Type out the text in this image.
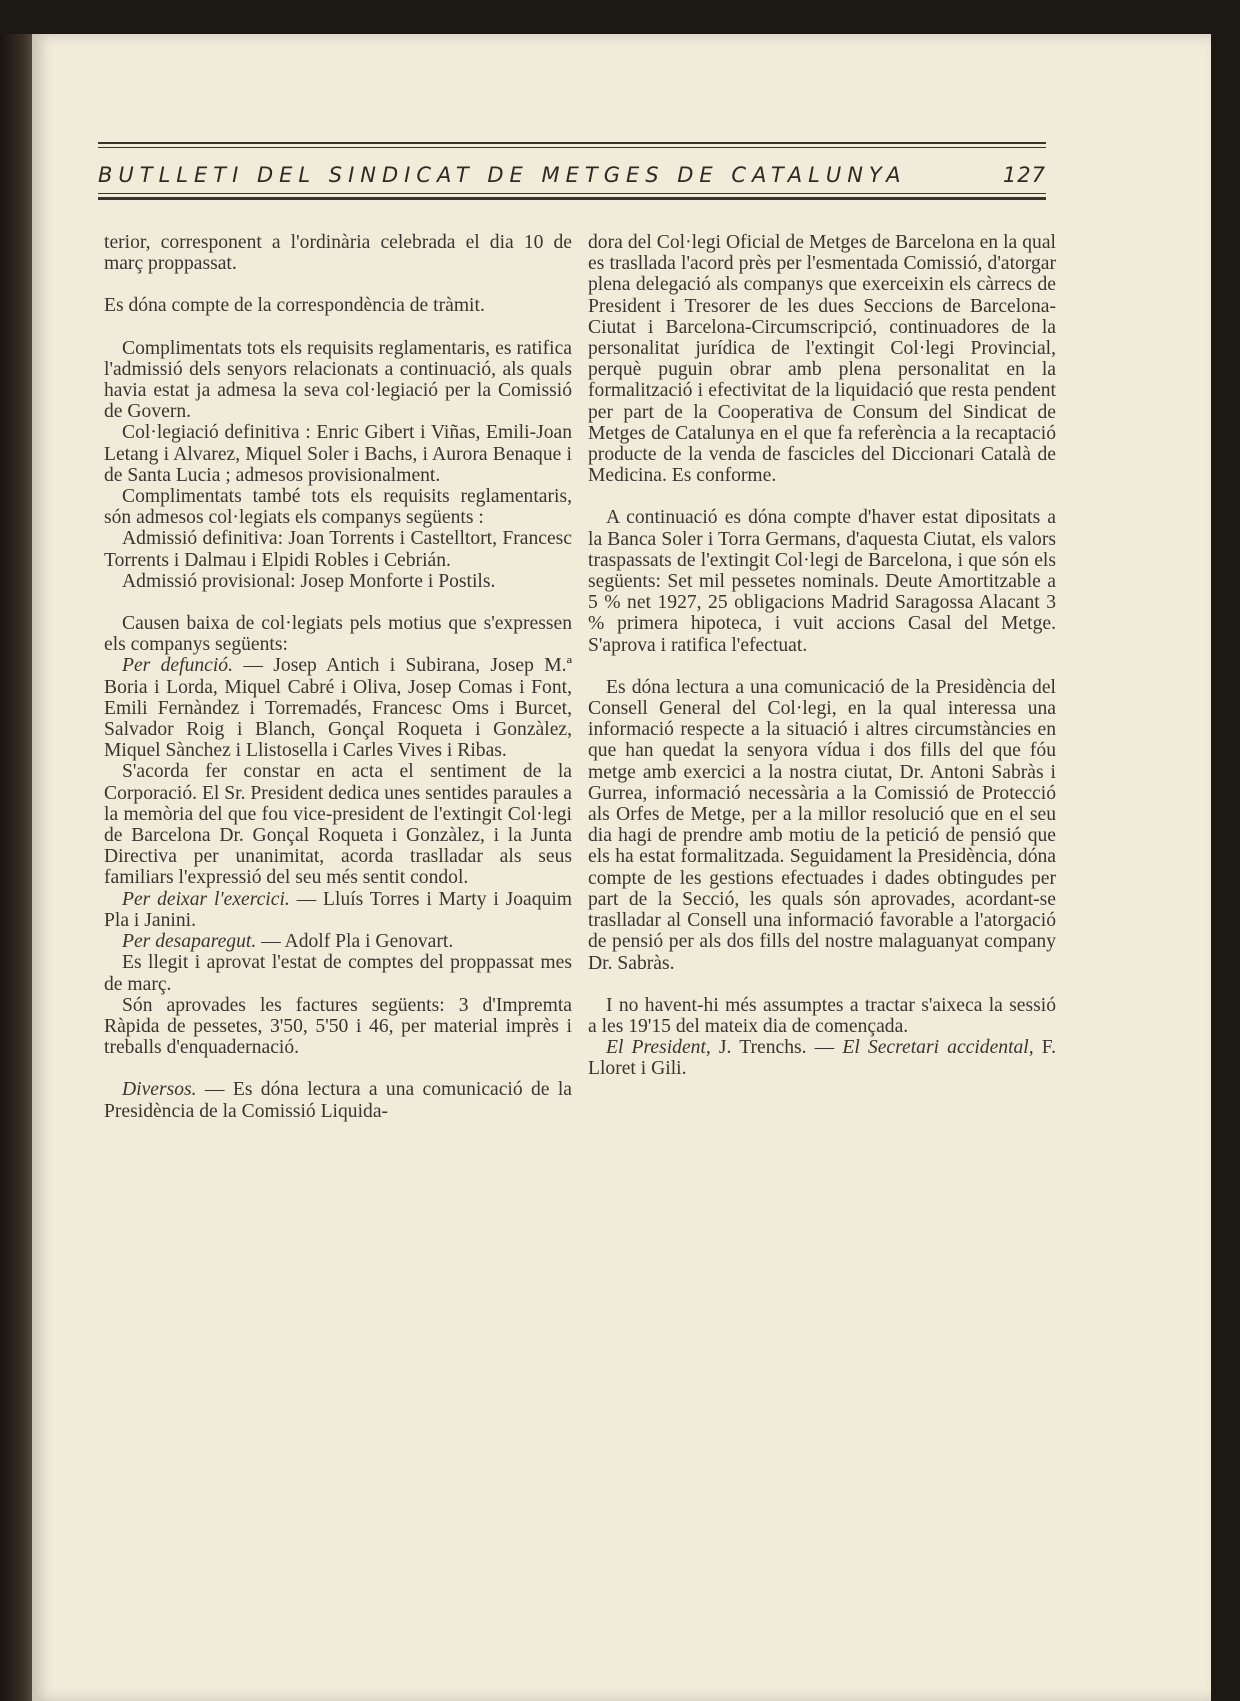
BUTLLETI DEL SINDICAT DE METGES DE CATALUNYA	127

terior, corresponent a l'ordinària celebrada el dia 10 de març proppassat.

Es dóna compte de la correspondència de tràmit.

Complimentats tots els requisits reglamentaris, es ratifica l'admissió dels senyors relacionats a continuació, als quals havia estat ja admesa la seva col·legiació per la Comissió de Govern.

Col·legiació definitiva : Enric Gibert i Viñas, Emili-Joan Letang i Alvarez, Miquel Soler i Bachs, i Aurora Benaque i de Santa Lucia ; admesos provisionalment.

Complimentats també tots els requisits reglamentaris, són admesos col·legiats els companys següents :

Admissió definitiva: Joan Torrents i Castelltort, Francesc Torrents i Dalmau i Elpidi Robles i Cebrián.

Admissió provisional: Josep Monforte i Postils.

Causen baixa de col·legiats pels motius que s'expressen els companys següents:

Per defunció. — Josep Antich i Subirana, Josep M.ª Boria i Lorda, Miquel Cabré i Oliva, Josep Comas i Font, Emili Fernàndez i Torremadés, Francesc Oms i Burcet, Salvador Roig i Blanch, Gonçal Roqueta i Gonzàlez, Miquel Sànchez i Llistosella i Carles Vives i Ribas.

S'acorda fer constar en acta el sentiment de la Corporació. El Sr. President dedica unes sentides paraules a la memòria del que fou vice-president de l'extingit Col·legi de Barcelona Dr. Gonçal Roqueta i Gonzàlez, i la Junta Directiva per unanimitat, acorda traslladar als seus familiars l'expressió del seu més sentit condol.

Per deixar l'exercici. — Lluís Torres i Marty i Joaquim Pla i Janini.

Per desaparegut. — Adolf Pla i Genovart.

Es llegit i aprovat l'estat de comptes del proppassat mes de març.

Són aprovades les factures següents: 3 d'Impremta Ràpida de pessetes, 3'50, 5'50 i 46, per material imprès i treballs d'enquadernació.

Diversos. — Es dóna lectura a una comunicació de la Presidència de la Comissió Liquida-

dora del Col·legi Oficial de Metges de Barcelona en la qual es trasllada l'acord près per l'esmentada Comissió, d'atorgar plena delegació als companys que exerceixin els càrrecs de President i Tresorer de les dues Seccions de Barcelona-Ciutat i Barcelona-Circumscripció, continuadores de la personalitat jurídica de l'extingit Col·legi Provincial, perquè puguin obrar amb plena personalitat en la formalització i efectivitat de la liquidació que resta pendent per part de la Cooperativa de Consum del Sindicat de Metges de Catalunya en el que fa referència a la recaptació producte de la venda de fascicles del Diccionari Català de Medicina. Es conforme.

A continuació es dóna compte d'haver estat dipositats a la Banca Soler i Torra Germans, d'aquesta Ciutat, els valors traspassats de l'extingit Col·legi de Barcelona, i que són els següents: Set mil pessetes nominals. Deute Amortitzable a 5 % net 1927, 25 obligacions Madrid Saragossa Alacant 3 % primera hipoteca, i vuit accions Casal del Metge. S'aprova i ratifica l'efectuat.

Es dóna lectura a una comunicació de la Presidència del Consell General del Col·legi, en la qual interessa una informació respecte a la situació i altres circumstàncies en que han quedat la senyora vídua i dos fills del que fóu metge amb exercici a la nostra ciutat, Dr. Antoni Sabràs i Gurrea, informació necessària a la Comissió de Protecció als Orfes de Metge, per a la millor resolució que en el seu dia hagi de prendre amb motiu de la petició de pensió que els ha estat formalitzada. Seguidament la Presidència, dóna compte de les gestions efectuades i dades obtingudes per part de la Secció, les quals són aprovades, acordant-se traslladar al Consell una informació favorable a l'atorgació de pensió per als dos fills del nostre malaguanyat company Dr. Sabràs.

I no havent-hi més assumptes a tractar s'aixeca la sessió a les 19'15 del mateix dia de començada.

El President, J. Trenchs. — El Secretari accidental, F. Lloret i Gili.
